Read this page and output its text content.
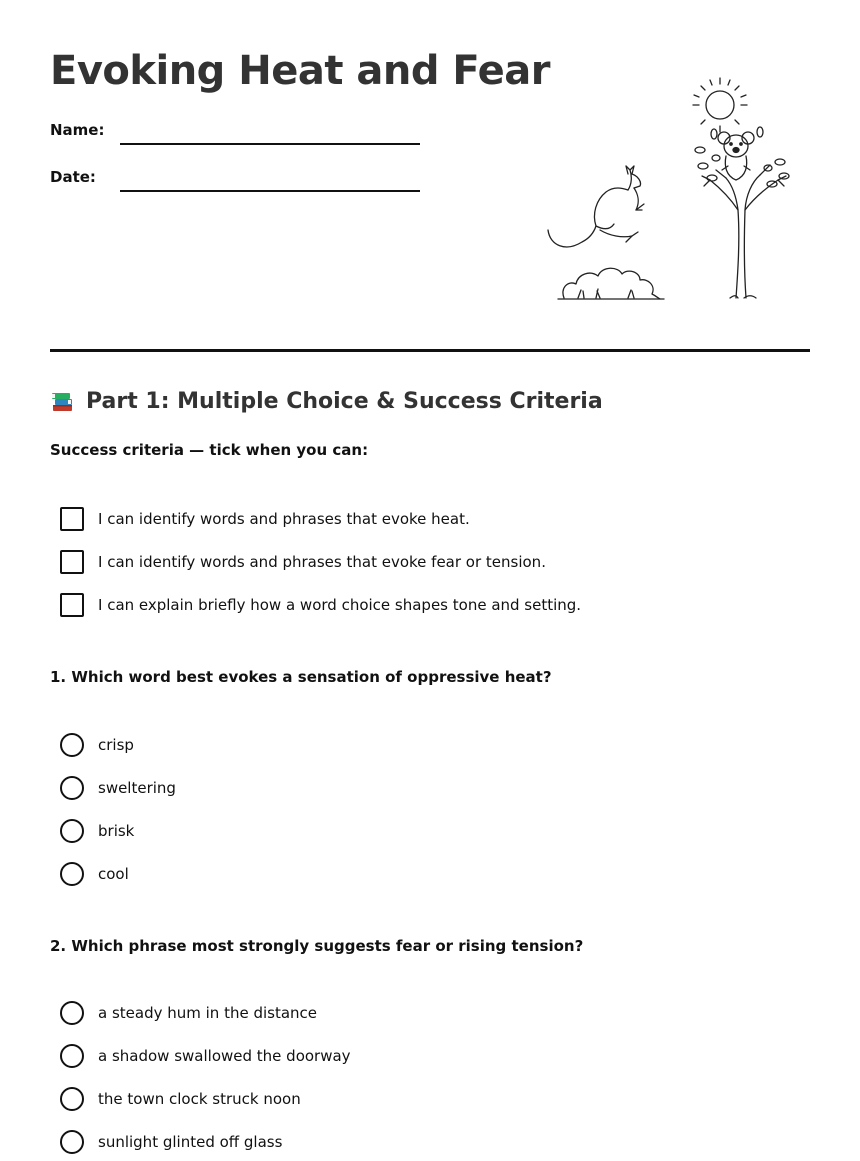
Evoking Heat and Fear
Name:
Date:
Part 1: Multiple Choice & Success Criteria
Success criteria — tick when you can:
I can identify words and phrases that evoke heat.
I can identify words and phrases that evoke fear or tension.
I can explain briefly how a word choice shapes tone and setting.
1. Which word best evokes a sensation of oppressive heat?
crisp
sweltering
brisk
cool
2. Which phrase most strongly suggests fear or rising tension?
a steady hum in the distance
a shadow swallowed the doorway
the town clock struck noon
sunlight glinted off glass
